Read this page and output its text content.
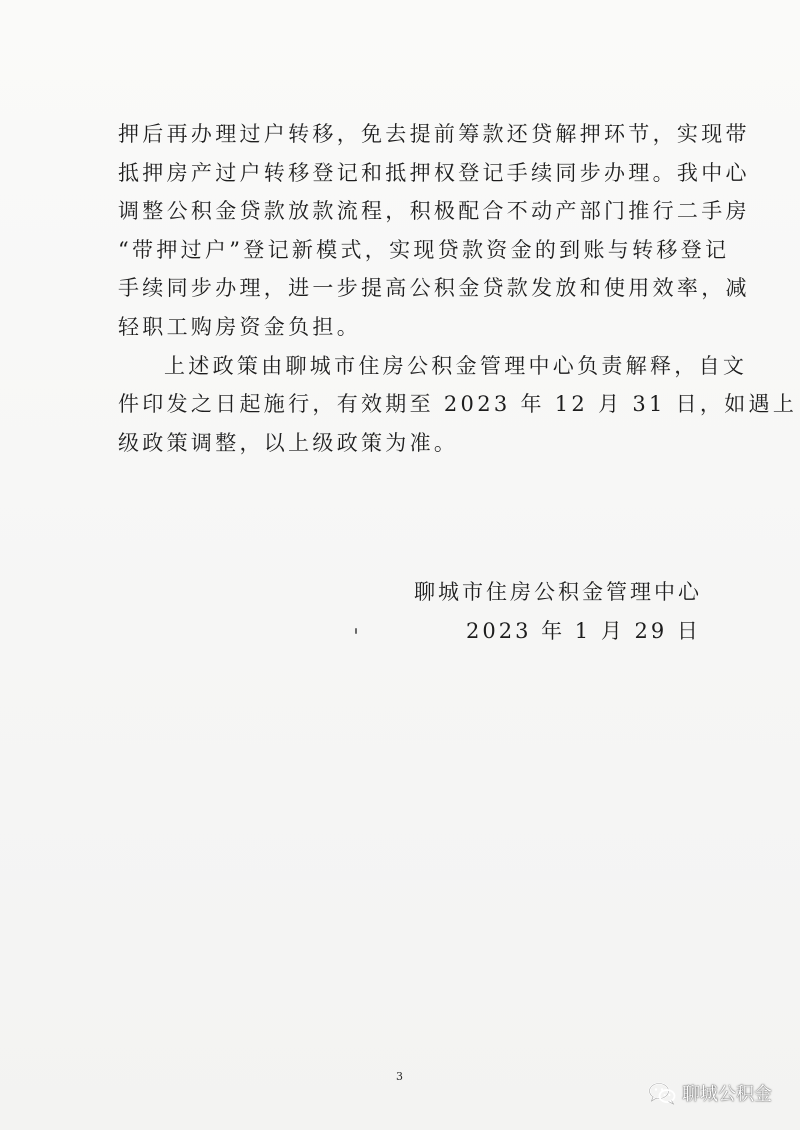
押后再办理过户转移，免去提前筹款还贷解押环节，实现带
抵押房产过户转移登记和抵押权登记手续同步办理。我中心
调整公积金贷款放款流程，积极配合不动产部门推行二手房
“带押过户”登记新模式，实现贷款资金的到账与转移登记
手续同步办理，进一步提高公积金贷款发放和使用效率，减
轻职工购房资金负担。
上述政策由聊城市住房公积金管理中心负责解释，自文
件印发之日起施行，有效期至 2023 年 12 月 31 日，如遇上
级政策调整，以上级政策为准。
聊城市住房公积金管理中心
2023 年 1 月 29 日
3
聊城公积金
